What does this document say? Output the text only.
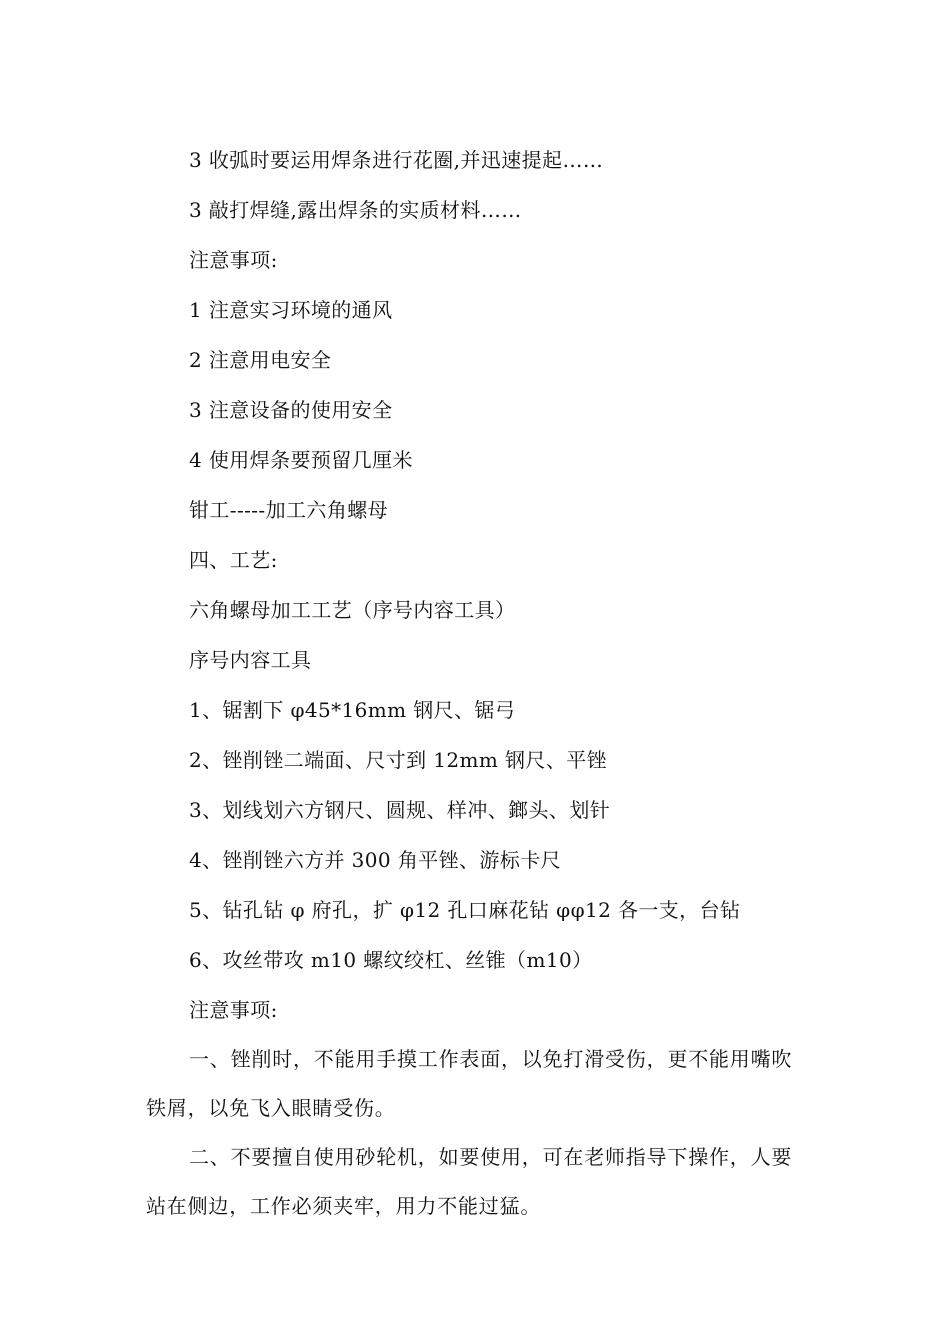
3 收弧时要运用焊条进行花圈,并迅速提起……
3 敲打焊缝,露出焊条的实质材料……
注意事项:
1 注意实习环境的通风
2 注意用电安全
3 注意设备的使用安全
4 使用焊条要预留几厘米
钳工-----加工六角螺母
四、工艺:
六角螺母加工工艺（序号内容工具）
序号内容工具
1、锯割下 φ45*16mm 钢尺、锯弓
2、锉削锉二端面、尺寸到 12mm 钢尺、平锉
3、划线划六方钢尺、圆规、样冲、鎯头、划针
4、锉削锉六方并 300 角平锉、游标卡尺
5、钻孔钻 φ 府孔，扩 φ12 孔口麻花钻 φφ12 各一支，台钻
6、攻丝带攻 m10 螺纹绞杠、丝锥（m10）
注意事项:
一、锉削时，不能用手摸工作表面，以免打滑受伤，更不能用嘴吹铁屑，以免飞入眼睛受伤。
二、不要擅自使用砂轮机，如要使用，可在老师指导下操作，人要站在侧边，工作必须夹牢，用力不能过猛。
